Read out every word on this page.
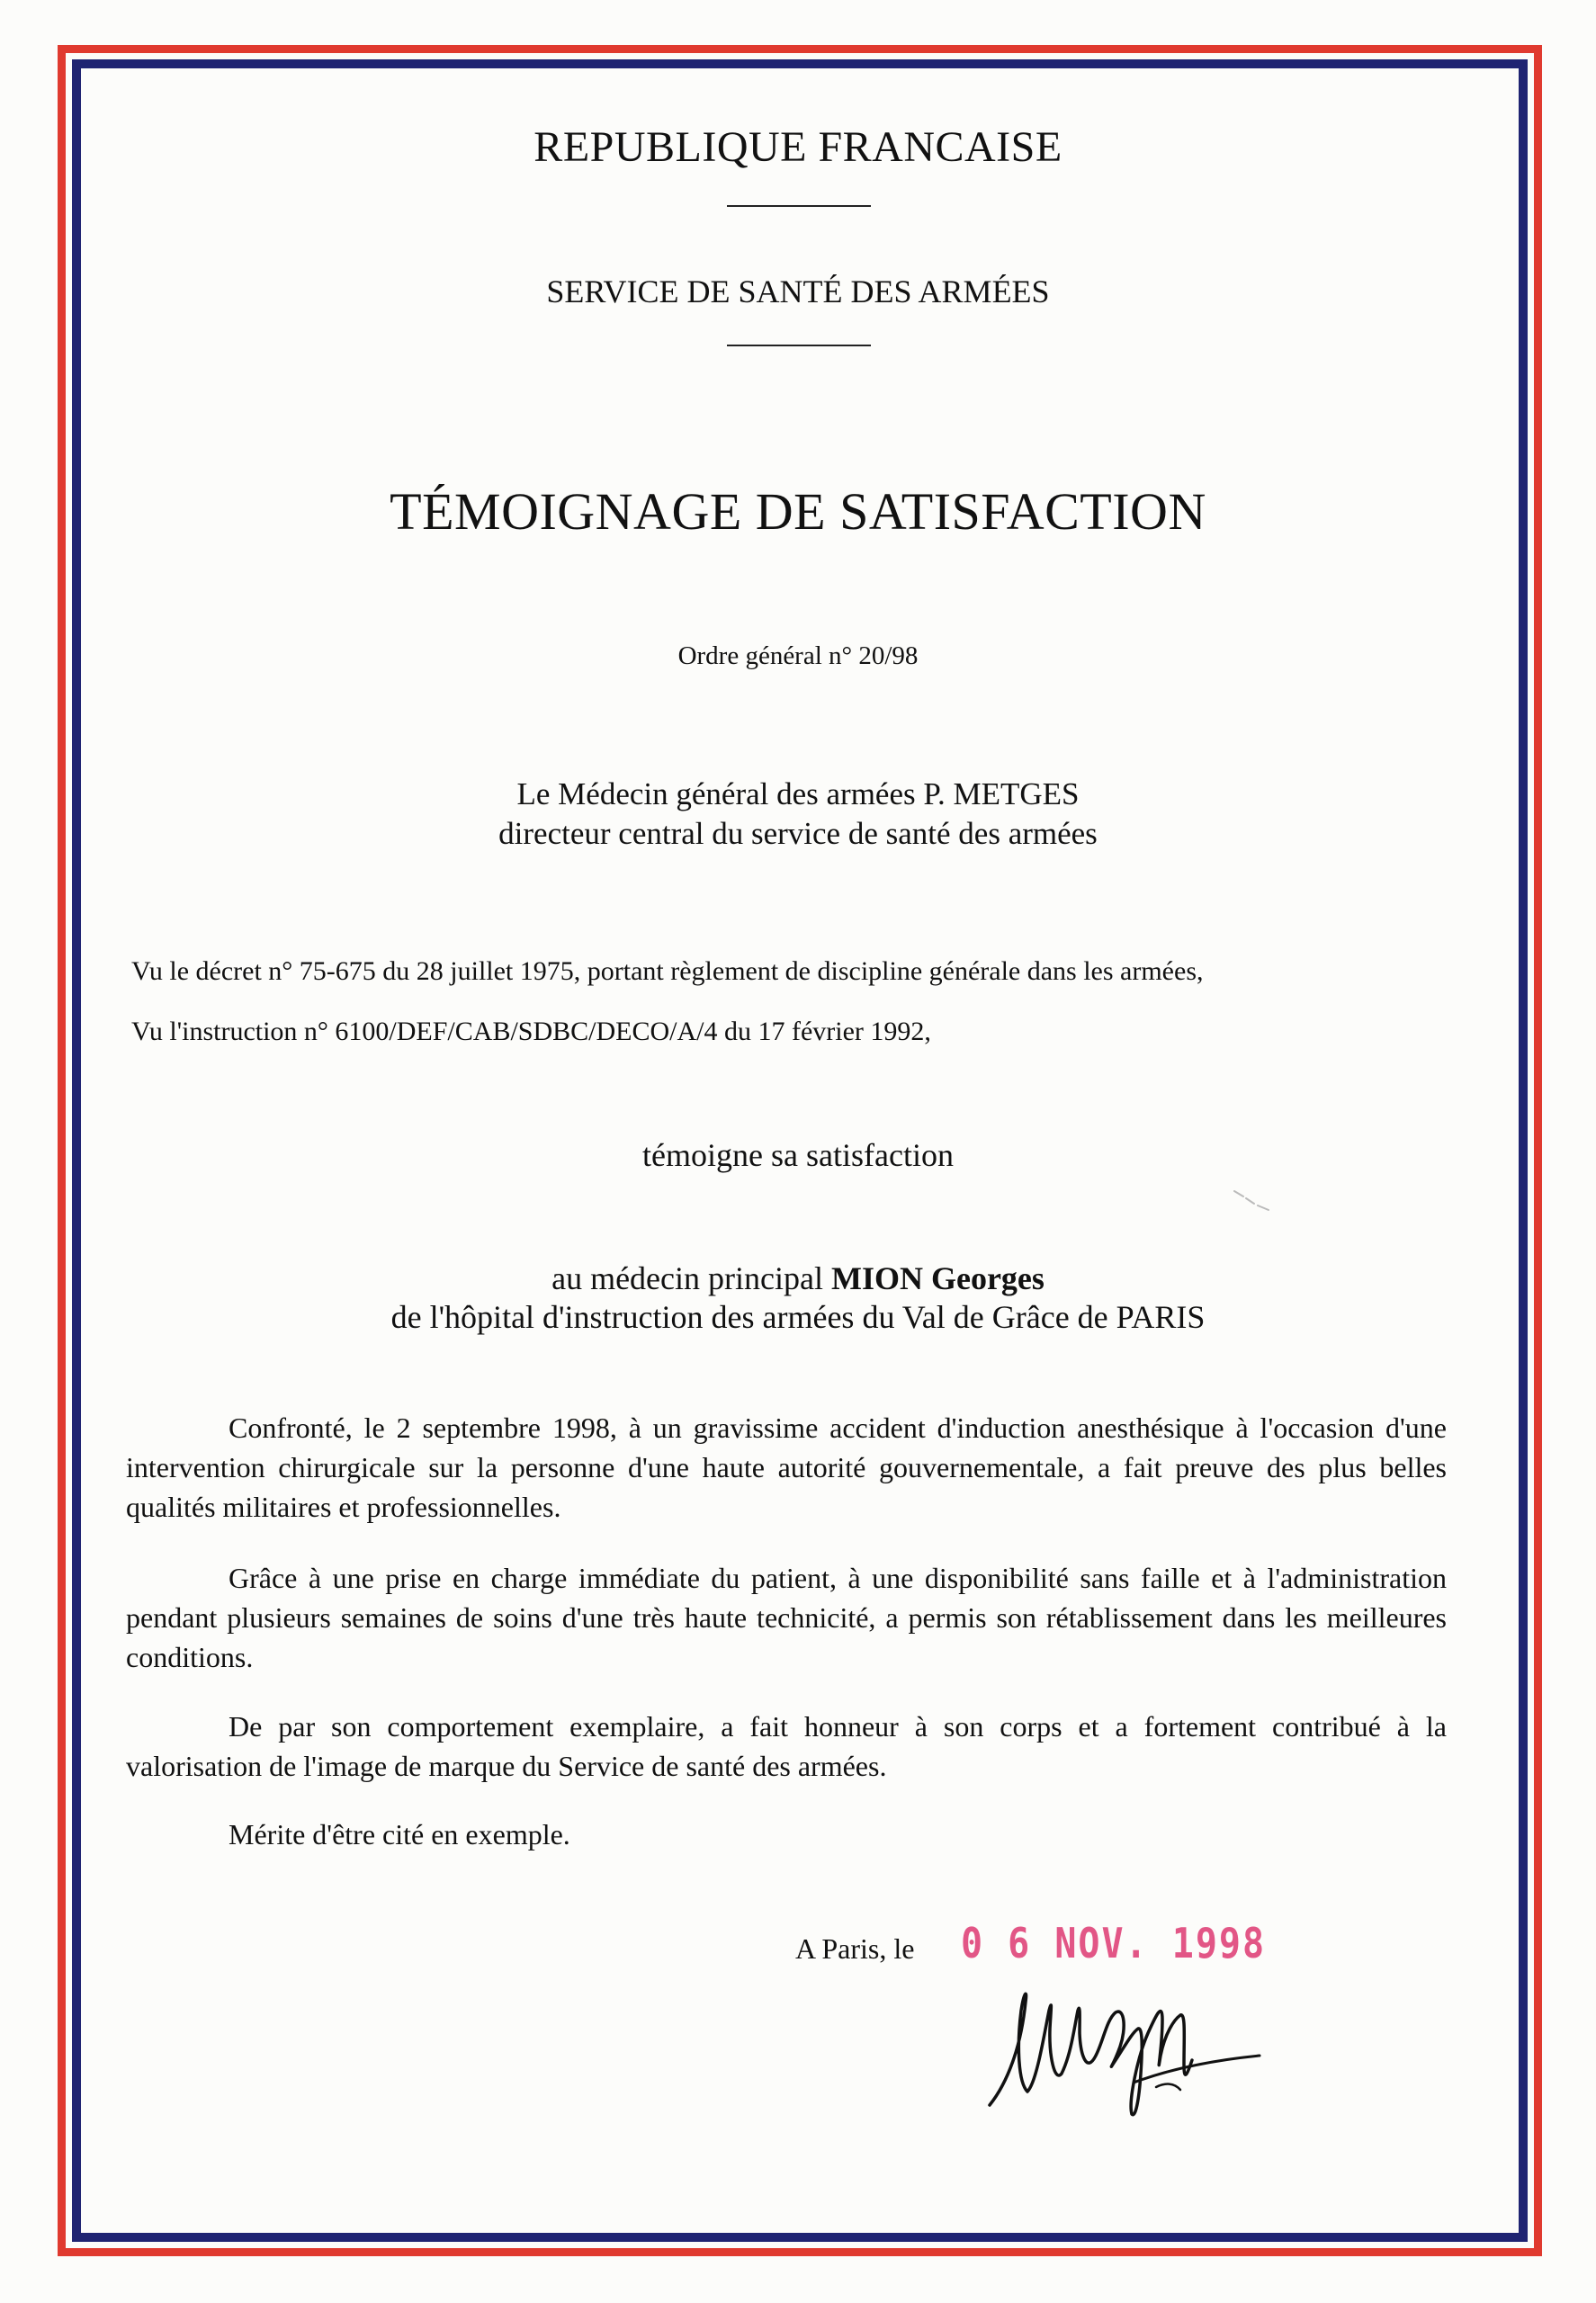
REPUBLIQUE FRANCAISE
SERVICE DE SANTÉ DES ARMÉES
TÉMOIGNAGE DE SATISFACTION
Ordre général n° 20/98
Le Médecin général des armées P. METGES
directeur central du service de santé des armées
Vu le décret n° 75-675 du 28 juillet 1975, portant règlement de discipline générale dans les armées,
Vu l'instruction n° 6100/DEF/CAB/SDBC/DECO/A/4 du 17 février 1992,
témoigne sa satisfaction
au médecin principal MION Georges
de l'hôpital d'instruction des armées du Val de Grâce de PARIS
Confronté, le 2 septembre 1998, à un gravissime accident d'induction anesthésique à l'occasion d'une intervention chirurgicale sur la personne d'une haute autorité gouvernementale, a fait preuve des plus belles qualités militaires et professionnelles.
Grâce à une prise en charge immédiate du patient, à une disponibilité sans faille et à l'administration pendant plusieurs semaines de soins d'une très haute technicité, a permis son rétablissement dans les meilleures conditions.
De par son comportement exemplaire, a fait honneur à son corps et a fortement contribué à la valorisation de l'image de marque du Service de santé des armées.
Mérite d'être cité en exemple.
A Paris, le 0 6 NOV. 1998
